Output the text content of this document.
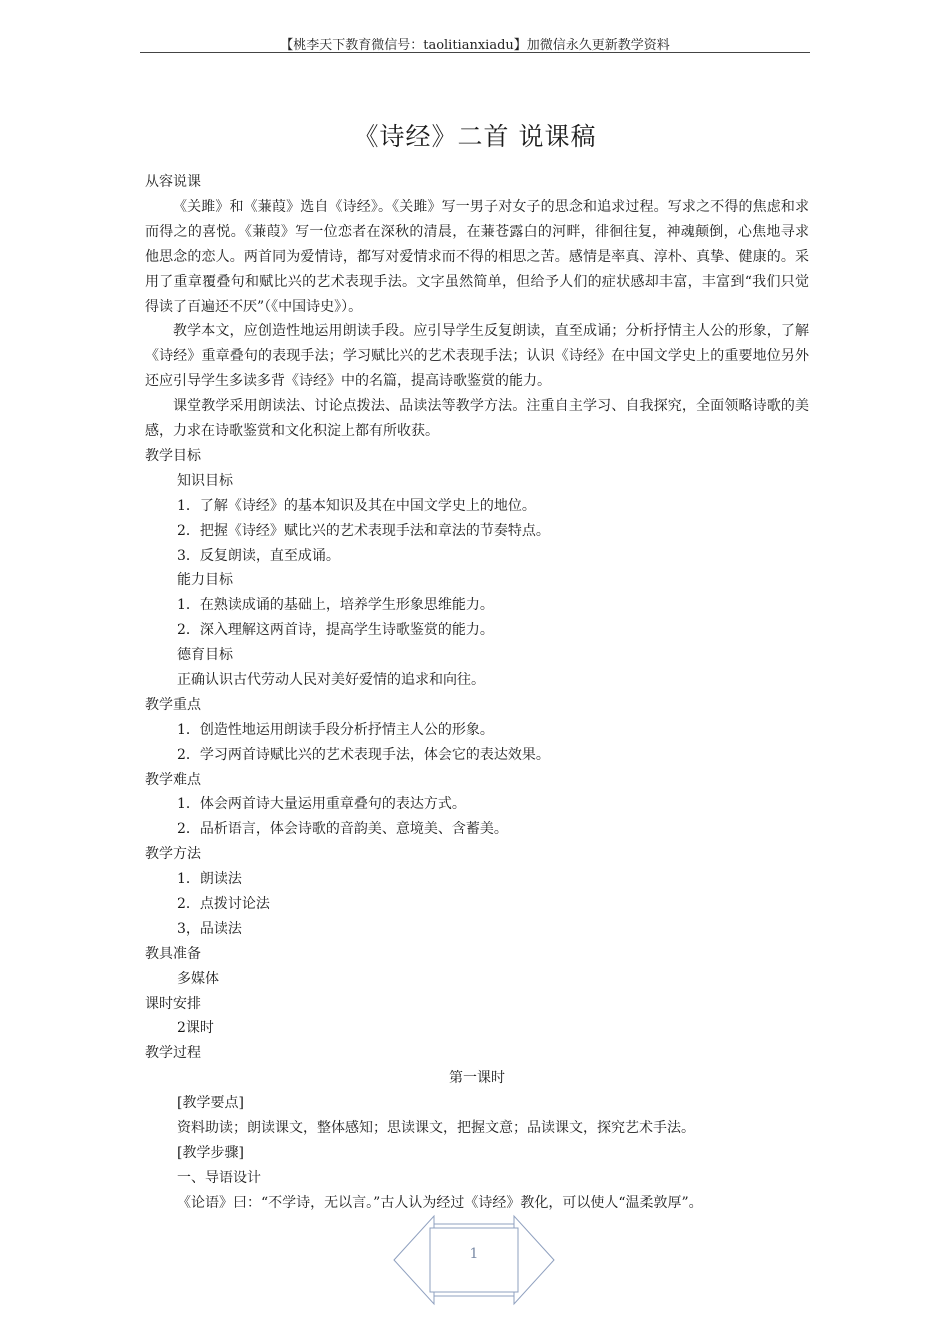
【桃李天下教育微信号：taolitianxiadu】加微信永久更新教学资料
《诗经》二首 说课稿
从容说课

《关雎》和《蒹葭》选自《诗经》。《关雎》写一男子对女子的思念和追求过程。写求之不得的焦虑和求而得之的喜悦。《蒹葭》写一位恋者在深秋的清晨，在蒹苍露白的河畔，徘徊往复，神魂颠倒，心焦地寻求他思念的恋人。两首同为爱情诗，都写对爱情求而不得的相思之苦。感情是率真、淳朴、真挚、健康的。采用了重章覆叠句和赋比兴的艺术表现手法。文字虽然简单，但给予人们的症状感却丰富，丰富到“我们只觉得读了百遍还不厌”（《中国诗史》）。

教学本文，应创造性地运用朗读手段。应引导学生反复朗读，直至成诵；分析抒情主人公的形象，了解《诗经》重章叠句的表现手法；学习赋比兴的艺术表现手法；认识《诗经》在中国文学史上的重要地位另外还应引导学生多读多背《诗经》中的名篇，提高诗歌鉴赏的能力。

课堂教学采用朗读法、讨论点拨法、品读法等教学方法。注重自主学习、自我探究，全面领略诗歌的美感，力求在诗歌鉴赏和文化积淀上都有所收获。

教学目标
知识目标
1．了解《诗经》的基本知识及其在中国文学史上的地位。
2．把握《诗经》赋比兴的艺术表现手法和章法的节奏特点。
3．反复朗读，直至成诵。
能力目标
1．在熟读成诵的基础上，培养学生形象思维能力。
2．深入理解这两首诗，提高学生诗歌鉴赏的能力。
德育目标
正确认识古代劳动人民对美好爱情的追求和向往。
教学重点
1．创造性地运用朗读手段分析抒情主人公的形象。
2．学习两首诗赋比兴的艺术表现手法，体会它的表达效果。
教学难点
1．体会两首诗大量运用重章叠句的表达方式。
2．品析语言，体会诗歌的音韵美、意境美、含蓄美。
教学方法
1．朗读法
2．点拨讨论法
3，品读法
教具准备
多媒体
课时安排
2课时
教学过程
第一课时
[教学要点]
资料助读；朗读课文，整体感知；思读课文，把握文意；品读课文，探究艺术手法。
[教学步骤]
一、导语设计
《论语》曰：“不学诗，无以言。”古人认为经过《诗经》教化，可以使人“温柔敦厚”。
1
